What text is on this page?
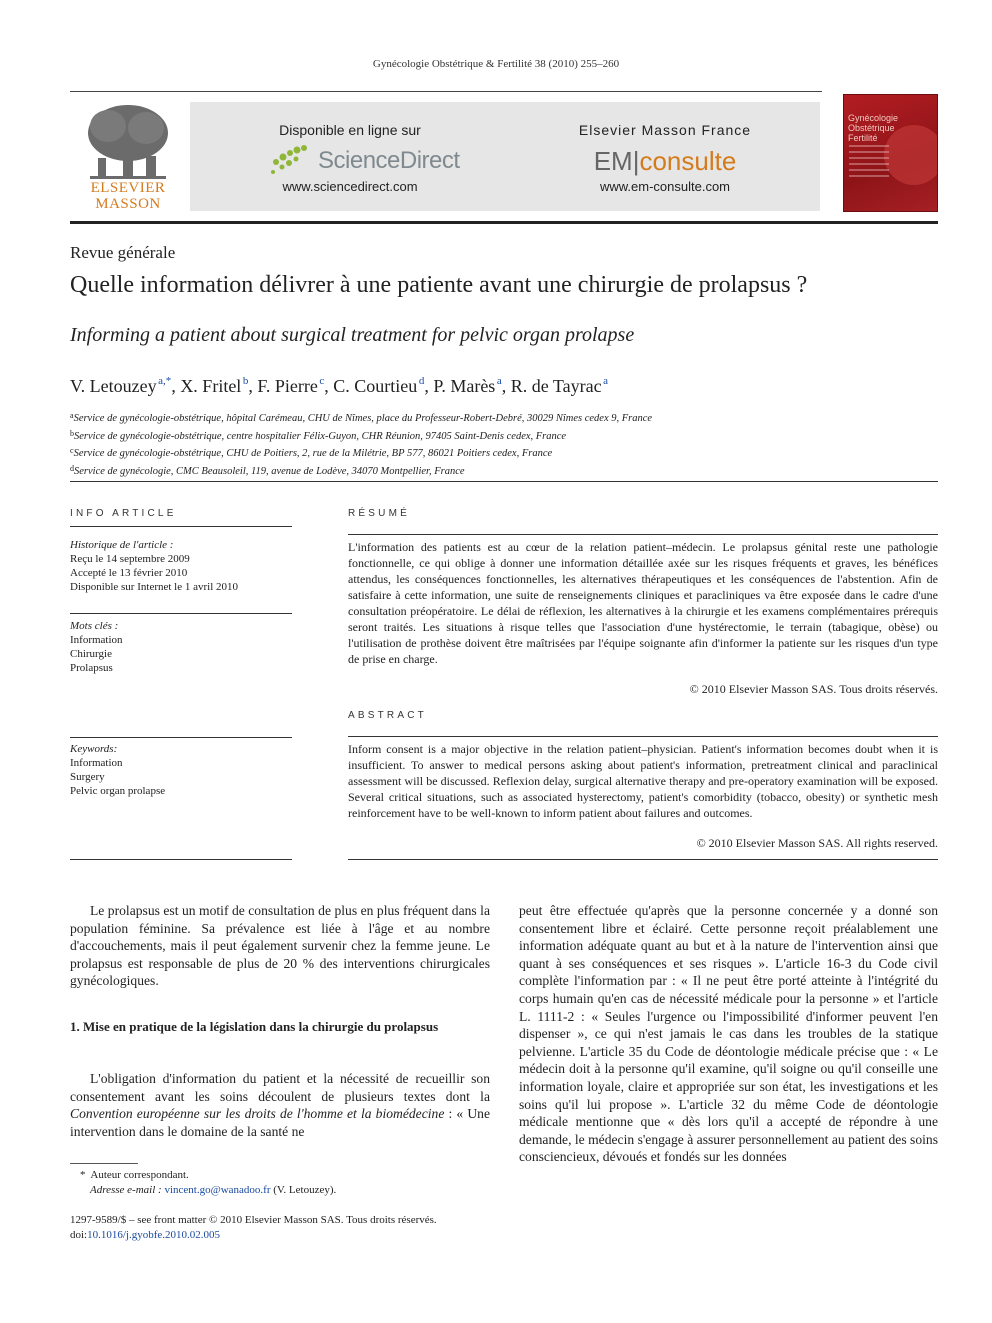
Gynécologie Obstétrique & Fertilité 38 (2010) 255–260
ELSEVIER
MASSON
Disponible en ligne sur
ScienceDirect
www.sciencedirect.com
Elsevier Masson France
EM|consulte
www.em-consulte.com
Gynécologie Obstétrique Fertilité
Revue générale
Quelle information délivrer à une patiente avant une chirurgie de prolapsus ?
Informing a patient about surgical treatment for pelvic organ prolapse
V. Letouzey  $^{a,*}$, X. Fritel  $^b$, F. Pierre  $^c$, C. Courtieu  $^d$, P. Marès  $^a$, R. de Tayrac  $^a$
$^a$Service de gynécologie-obstétrique, hôpital Carémeau, CHU de Nîmes, place du Professeur-Robert-Debré, 30029 Nîmes cedex 9, France
$^b$Service de gynécologie-obstétrique, centre hospitalier Félix-Guyon, CHR Réunion, 97405 Saint-Denis cedex, France
$^c$Service de gynécologie-obstétrique, CHU de Poitiers, 2, rue de la Milétrie, BP 577, 86021 Poitiers cedex, France
$^d$Service de gynécologie, CMC Beausoleil, 119, avenue de Lodève, 34070 Montpellier, France
INFO ARTICLE
Historique de l'article :
Reçu le 14 septembre 2009
Accepté le 13 février 2010
Disponible sur Internet le 1 avril 2010
Mots clés :
Information
Chirurgie
Prolapsus
Keywords:
Information
Surgery
Pelvic organ prolapse
RÉSUMÉ
L'information des patients est au cœur de la relation patient–médecin. Le prolapsus génital reste une pathologie fonctionnelle, ce qui oblige à donner une information détaillée axée sur les risques fréquents et graves, les bénéfices attendus, les conséquences fonctionnelles, les alternatives thérapeutiques et les conséquences de l'abstention. Afin de satisfaire à cette information, une suite de renseignements cliniques et paracliniques va être exposée dans le cadre d'une consultation préopératoire. Le délai de réflexion, les alternatives à la chirurgie et les examens complémentaires prérequis seront traités. Les situations à risque telles que l'association d'une hystérectomie, le terrain (tabagique, obèse) ou l'utilisation de prothèse doivent être maîtrisées par l'équipe soignante afin d'informer la patiente sur les risques d'un type de prise en charge.
© 2010 Elsevier Masson SAS. Tous droits réservés.
ABSTRACT
Inform consent is a major objective in the relation patient–physician. Patient's information becomes doubt when it is insufficient. To answer to medical persons asking about patient's information, pretreatment clinical and paraclinical assessment will be discussed. Reflexion delay, surgical alternative therapy and pre-operatory examination will be exposed. Several critical situations, such as associated hysterectomy, patient's comorbidity (tobacco, obesity) or synthetic mesh reinforcement have to be well-known to inform patient about failures and outcomes.
© 2010 Elsevier Masson SAS. All rights reserved.

Le prolapsus est un motif de consultation de plus en plus fréquent dans la population féminine. Sa prévalence est liée à l'âge et au nombre d'accouchements, mais il peut également survenir chez la femme jeune. Le prolapsus est responsable de plus de 20 % des interventions chirurgicales gynécologiques.

1. Mise en pratique de la législation dans la chirurgie du prolapsus

L'obligation d'information du patient et la nécessité de recueillir son consentement avant les soins découlent de plusieurs textes dont la Convention européenne sur les droits de l'homme et la biomédecine : « Une intervention dans le domaine de la santé ne

* Auteur correspondant.
Adresse e-mail : vincent.go@wanadoo.fr (V. Letouzey).
peut être effectuée qu'après que la personne concernée y a donné son consentement libre et éclairé. Cette personne reçoit préalablement une information adéquate quant au but et à la nature de l'intervention ainsi que quant à ses conséquences et ses risques ». L'article 16-3 du Code civil complète l'information par : « Il ne peut être porté atteinte à l'intégrité du corps humain qu'en cas de nécessité médicale pour la personne » et l'article L. 1111-2 : « Seules l'urgence ou l'impossibilité d'informer peuvent l'en dispenser », ce qui n'est jamais le cas dans les troubles de la statique pelvienne. L'article 35 du Code de déontologie médicale précise que : « Le médecin doit à la personne qu'il examine, qu'il soigne ou qu'il conseille une information loyale, claire et appropriée sur son état, les investigations et les soins qu'il lui propose ». L'article 32 du même Code de déontologie médicale mentionne que « dès lors qu'il a accepté de répondre à une demande, le médecin s'engage à assurer personnellement au patient des soins consciencieux, dévoués et fondés sur les données
1297-9589/$ – see front matter © 2010 Elsevier Masson SAS. Tous droits réservés.
doi:10.1016/j.gyobfe.2010.02.005
